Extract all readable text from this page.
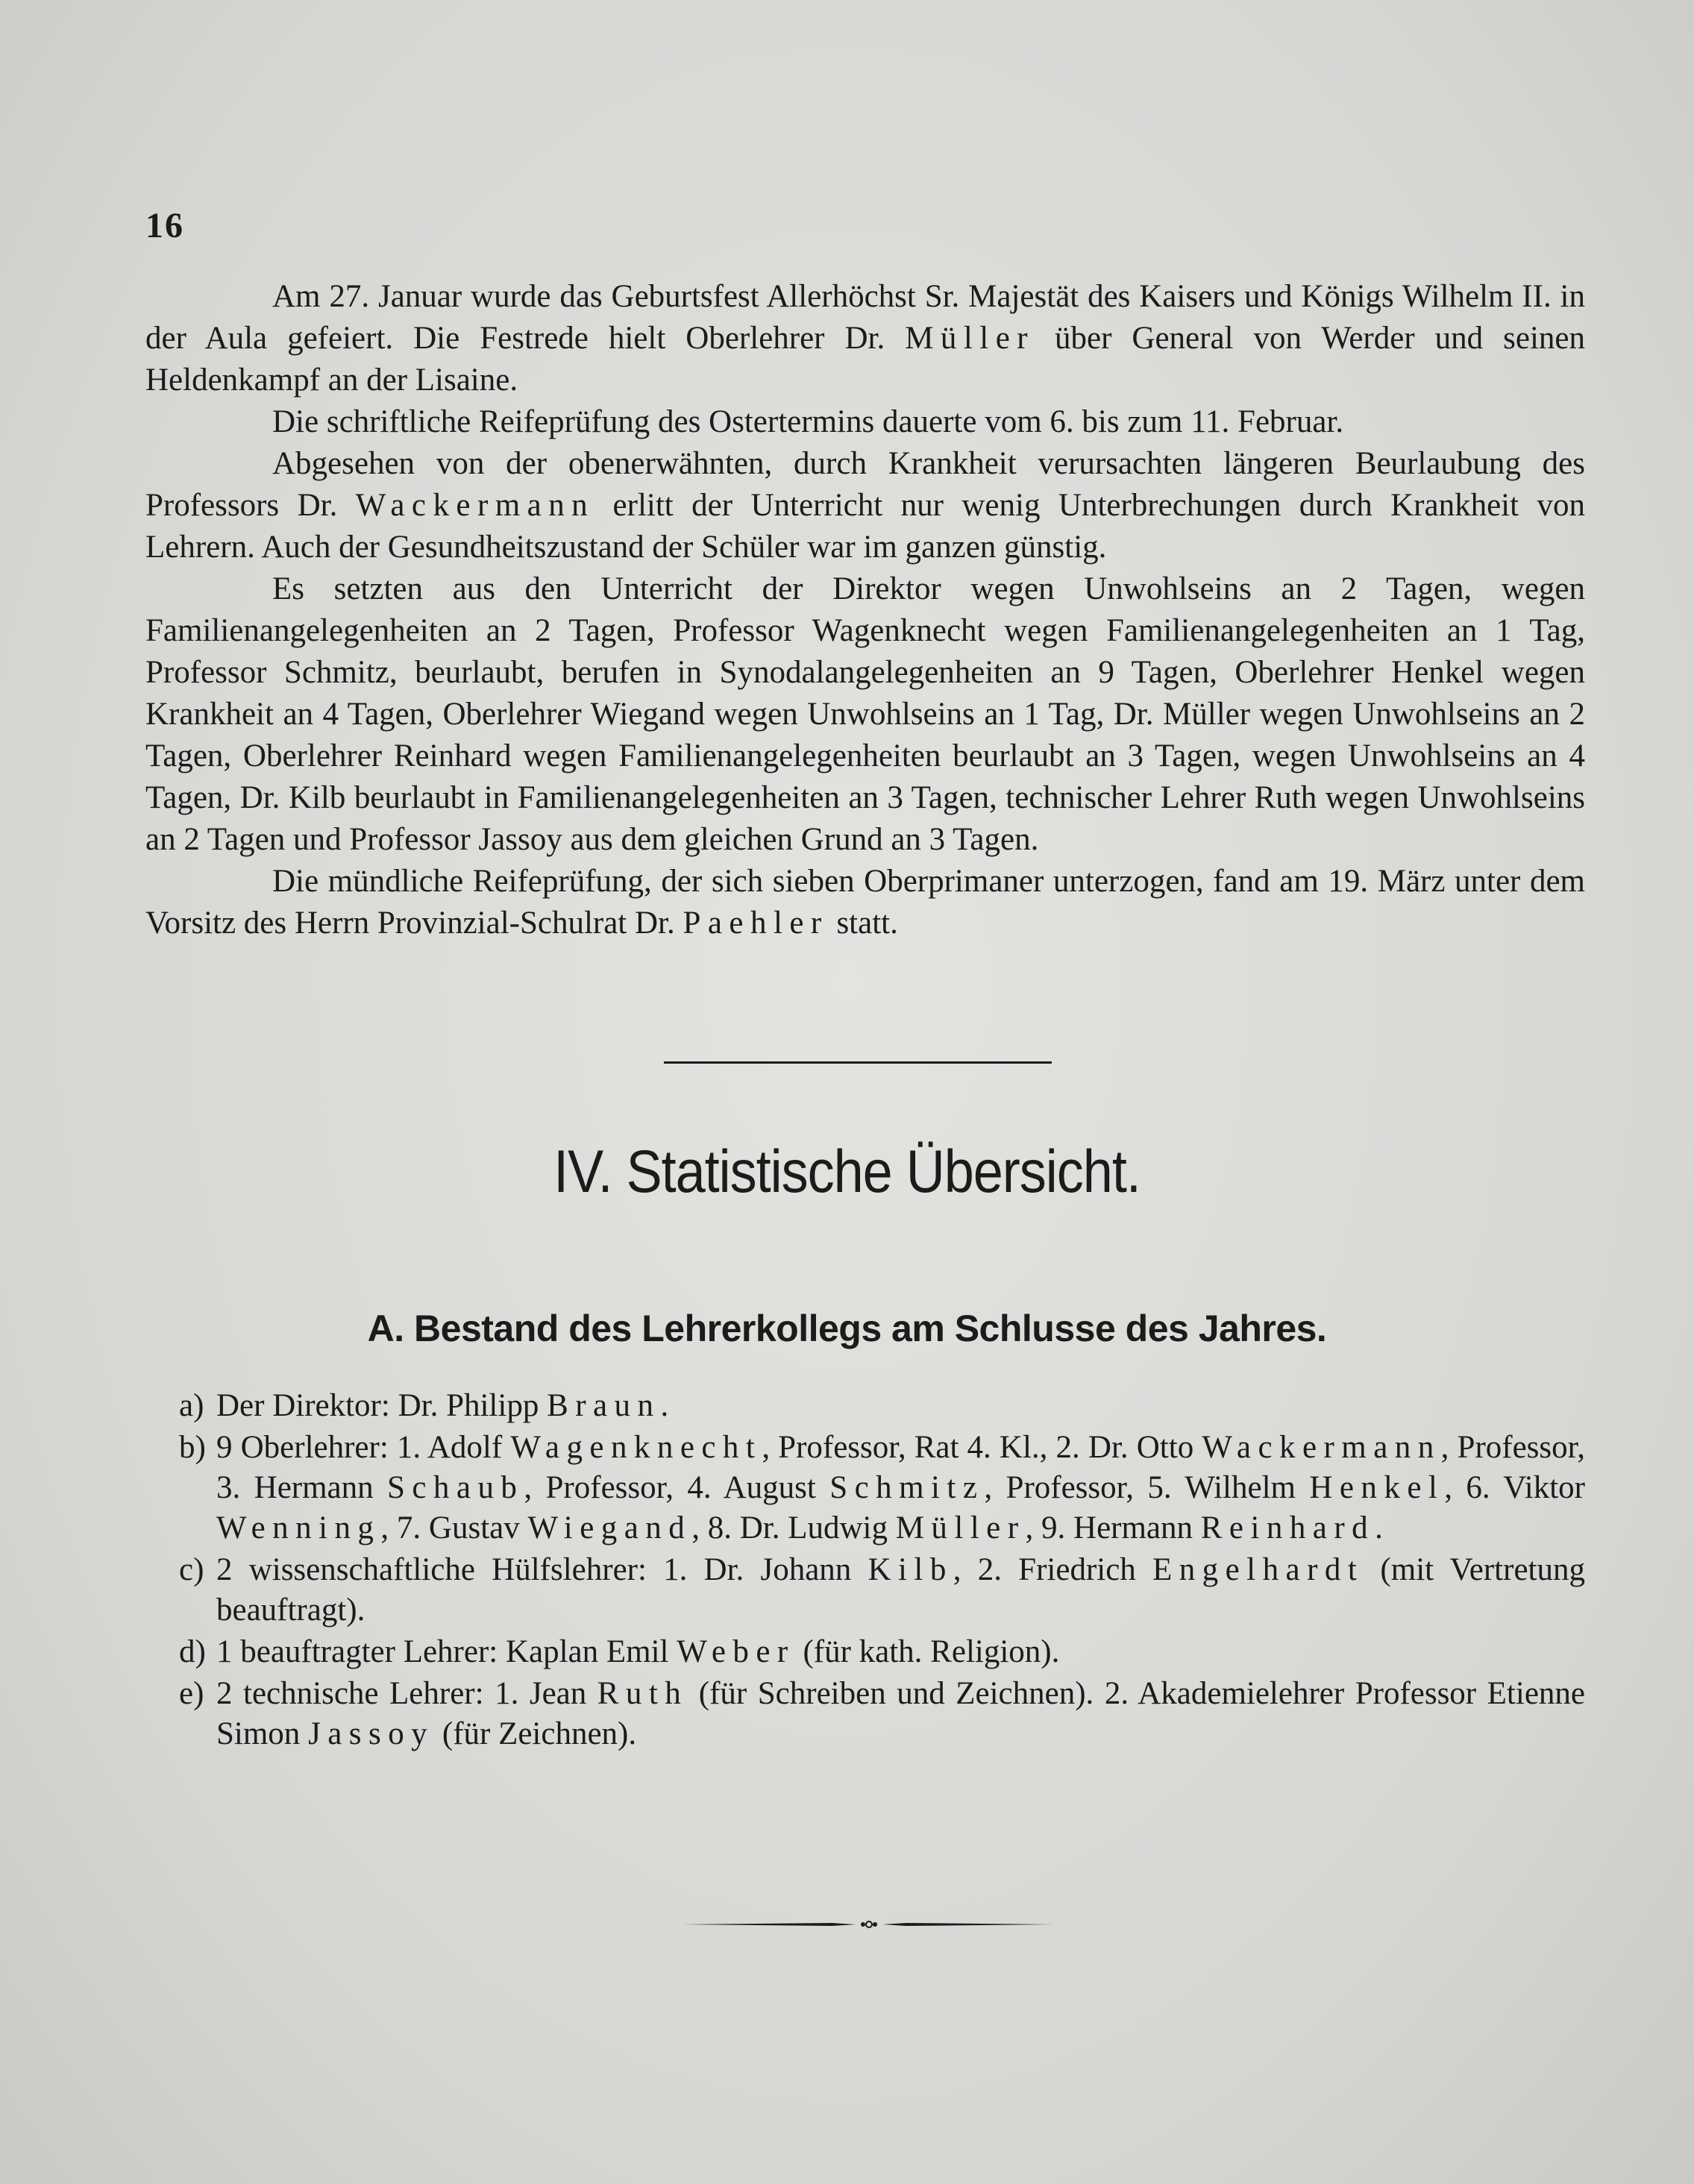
16

Am 27. Januar wurde das Geburtsfest Allerhöchst Sr. Majestät des Kaisers und Königs Wilhelm II. in der Aula gefeiert. Die Festrede hielt Oberlehrer Dr. Müller über General von Werder und seinen Heldenkampf an der Lisaine.

Die schriftliche Reifeprüfung des Ostertermins dauerte vom 6. bis zum 11. Februar.

Abgesehen von der obenerwähnten, durch Krankheit verursachten längeren Beurlaubung des Professors Dr. Wackermann erlitt der Unterricht nur wenig Unterbrechungen durch Krankheit von Lehrern. Auch der Gesundheitszustand der Schüler war im ganzen günstig.

Es setzten aus den Unterricht der Direktor wegen Unwohlseins an 2 Tagen, wegen Familienangelegenheiten an 2 Tagen, Professor Wagenknecht wegen Familienangelegenheiten an 1 Tag, Professor Schmitz, beurlaubt, berufen in Synodalangelegenheiten an 9 Tagen, Oberlehrer Henkel wegen Krankheit an 4 Tagen, Oberlehrer Wiegand wegen Unwohlseins an 1 Tag, Dr. Müller wegen Unwohlseins an 2 Tagen, Oberlehrer Reinhard wegen Familienangelegenheiten beurlaubt an 3 Tagen, wegen Unwohlseins an 4 Tagen, Dr. Kilb beurlaubt in Familienangelegenheiten an 3 Tagen, technischer Lehrer Ruth wegen Unwohlseins an 2 Tagen und Professor Jassoy aus dem gleichen Grund an 3 Tagen.

Die mündliche Reifeprüfung, der sich sieben Oberprimaner unterzogen, fand am 19. März unter dem Vorsitz des Herrn Provinzial-Schulrat Dr. Paehler statt.

IV. Statistische Übersicht.
A. Bestand des Lehrerkollegs am Schlusse des Jahres.
a) Der Direktor: Dr. Philipp Braun.
b) 9 Oberlehrer: 1. Adolf Wagenknecht, Professor, Rat 4. Kl., 2. Dr. Otto Wackermann, Professor, 3. Hermann Schaub, Professor, 4. August Schmitz, Professor, 5. Wilhelm Henkel, 6. Viktor Wenning, 7. Gustav Wiegand, 8. Dr. Ludwig Müller, 9. Hermann Reinhard.
c) 2 wissenschaftliche Hülfslehrer: 1. Dr. Johann Kilb, 2. Friedrich Engelhardt (mit Vertretung beauftragt).
d) 1 beauftragter Lehrer: Kaplan Emil Weber (für kath. Religion).
e) 2 technische Lehrer: 1. Jean Ruth (für Schreiben und Zeichnen). 2. Akademielehrer Professor Etienne Simon Jassoy (für Zeichnen).
